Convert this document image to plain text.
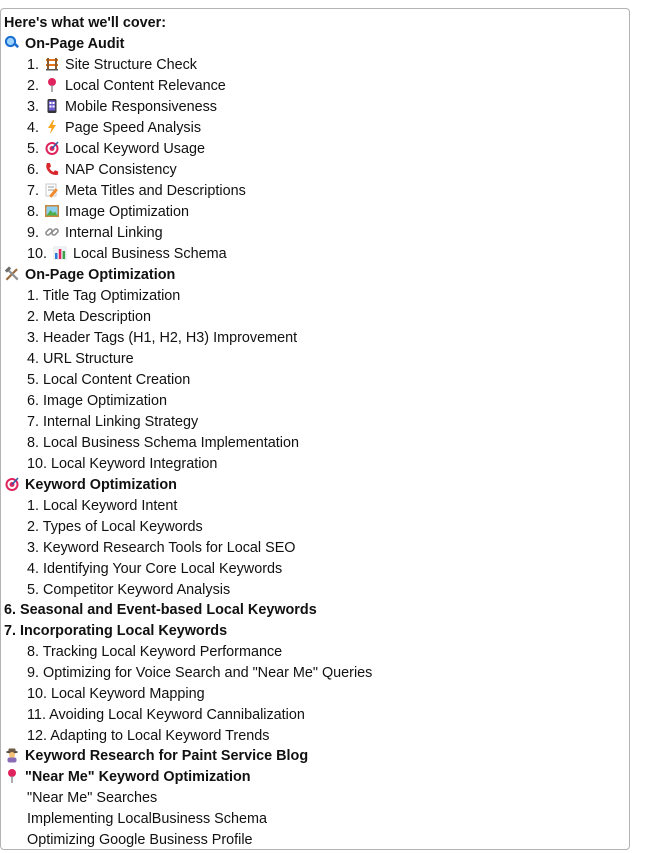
Here's what we'll cover:
On-Page Audit
1. Site Structure Check
2. Local Content Relevance
3. Mobile Responsiveness
4. Page Speed Analysis
5. Local Keyword Usage
6. NAP Consistency
7. Meta Titles and Descriptions
8. Image Optimization
9. Internal Linking
10. Local Business Schema
On-Page Optimization
1. Title Tag Optimization
2. Meta Description
3. Header Tags (H1, H2, H3) Improvement
4. URL Structure
5. Local Content Creation
6. Image Optimization
7. Internal Linking Strategy
8. Local Business Schema Implementation
10. Local Keyword Integration
Keyword Optimization
1. Local Keyword Intent
2. Types of Local Keywords
3. Keyword Research Tools for Local SEO
4. Identifying Your Core Local Keywords
5. Competitor Keyword Analysis
6. Seasonal and Event-based Local Keywords
7. Incorporating Local Keywords
8. Tracking Local Keyword Performance
9. Optimizing for Voice Search and "Near Me" Queries
10. Local Keyword Mapping
11. Avoiding Local Keyword Cannibalization
12. Adapting to Local Keyword Trends
Keyword Research for Paint Service Blog
"Near Me" Keyword Optimization
"Near Me" Searches
Implementing LocalBusiness Schema
Optimizing Google Business Profile
